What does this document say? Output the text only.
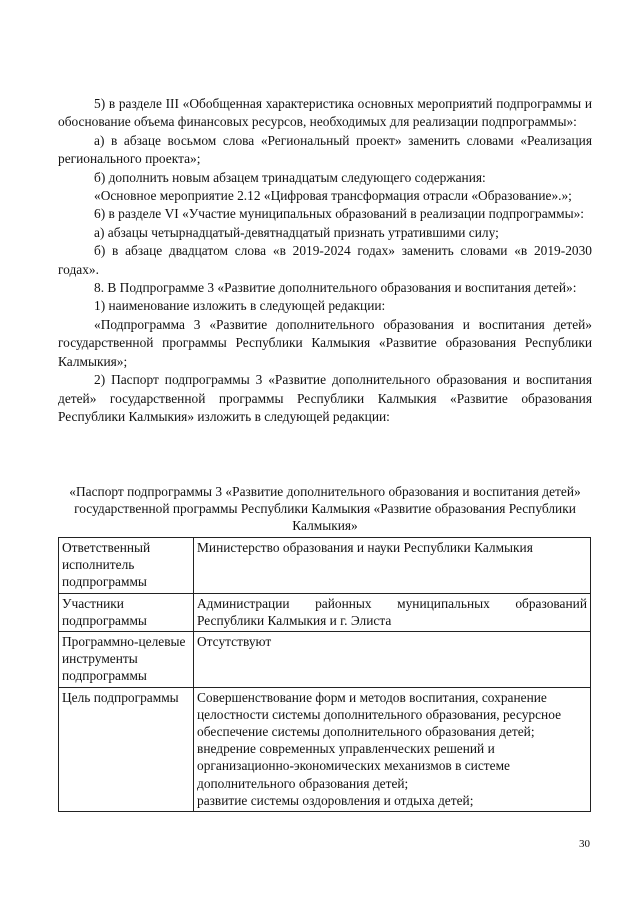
5) в разделе III «Обобщенная характеристика основных мероприятий подпрограммы и обоснование объема финансовых ресурсов, необходимых для реализации подпрограммы»:

а) в абзаце восьмом слова «Региональный проект» заменить словами «Реализация регионального проекта»;

б) дополнить новым абзацем тринадцатым следующего содержания:

«Основное мероприятие 2.12 «Цифровая трансформация отрасли «Образование».»;

6) в разделе VI «Участие муниципальных образований в реализации подпрограммы»:

а) абзацы четырнадцатый-девятнадцатый признать утратившими силу;

б) в абзаце двадцатом слова «в 2019-2024 годах» заменить словами «в 2019-2030 годах».

8. В Подпрограмме 3 «Развитие дополнительного образования и воспитания детей»:

1) наименование изложить в следующей редакции:

«Подпрограмма 3 «Развитие дополнительного образования и воспитания детей» государственной программы Республики Калмыкия «Развитие образования Республики Калмыкия»;

2) Паспорт подпрограммы 3 «Развитие дополнительного образования и воспитания детей» государственной программы Республики Калмыкия «Развитие образования Республики Калмыкия» изложить в следующей редакции:

«Паспорт подпрограммы 3 «Развитие дополнительного образования и воспитания детей» государственной программы Республики Калмыкия «Развитие образования Республики Калмыкия»
Ответственный исполнитель подпрограммы	Министерство образования и науки Республики Калмыкия

Участники подпрограммы	Администрации районных муниципальных образований Республики Калмыкия и г. Элиста

Программно-целевые инструменты подпрограммы	Отсутствуют

Цель подпрограммы	Совершенствование форм и методов воспитания, сохранение целостности системы дополнительного образования, ресурсное обеспечение системы дополнительного образования детей;
внедрение современных управленческих решений и организационно-экономических механизмов в системе дополнительного образования детей;
развитие системы оздоровления и отдыха детей;
30
